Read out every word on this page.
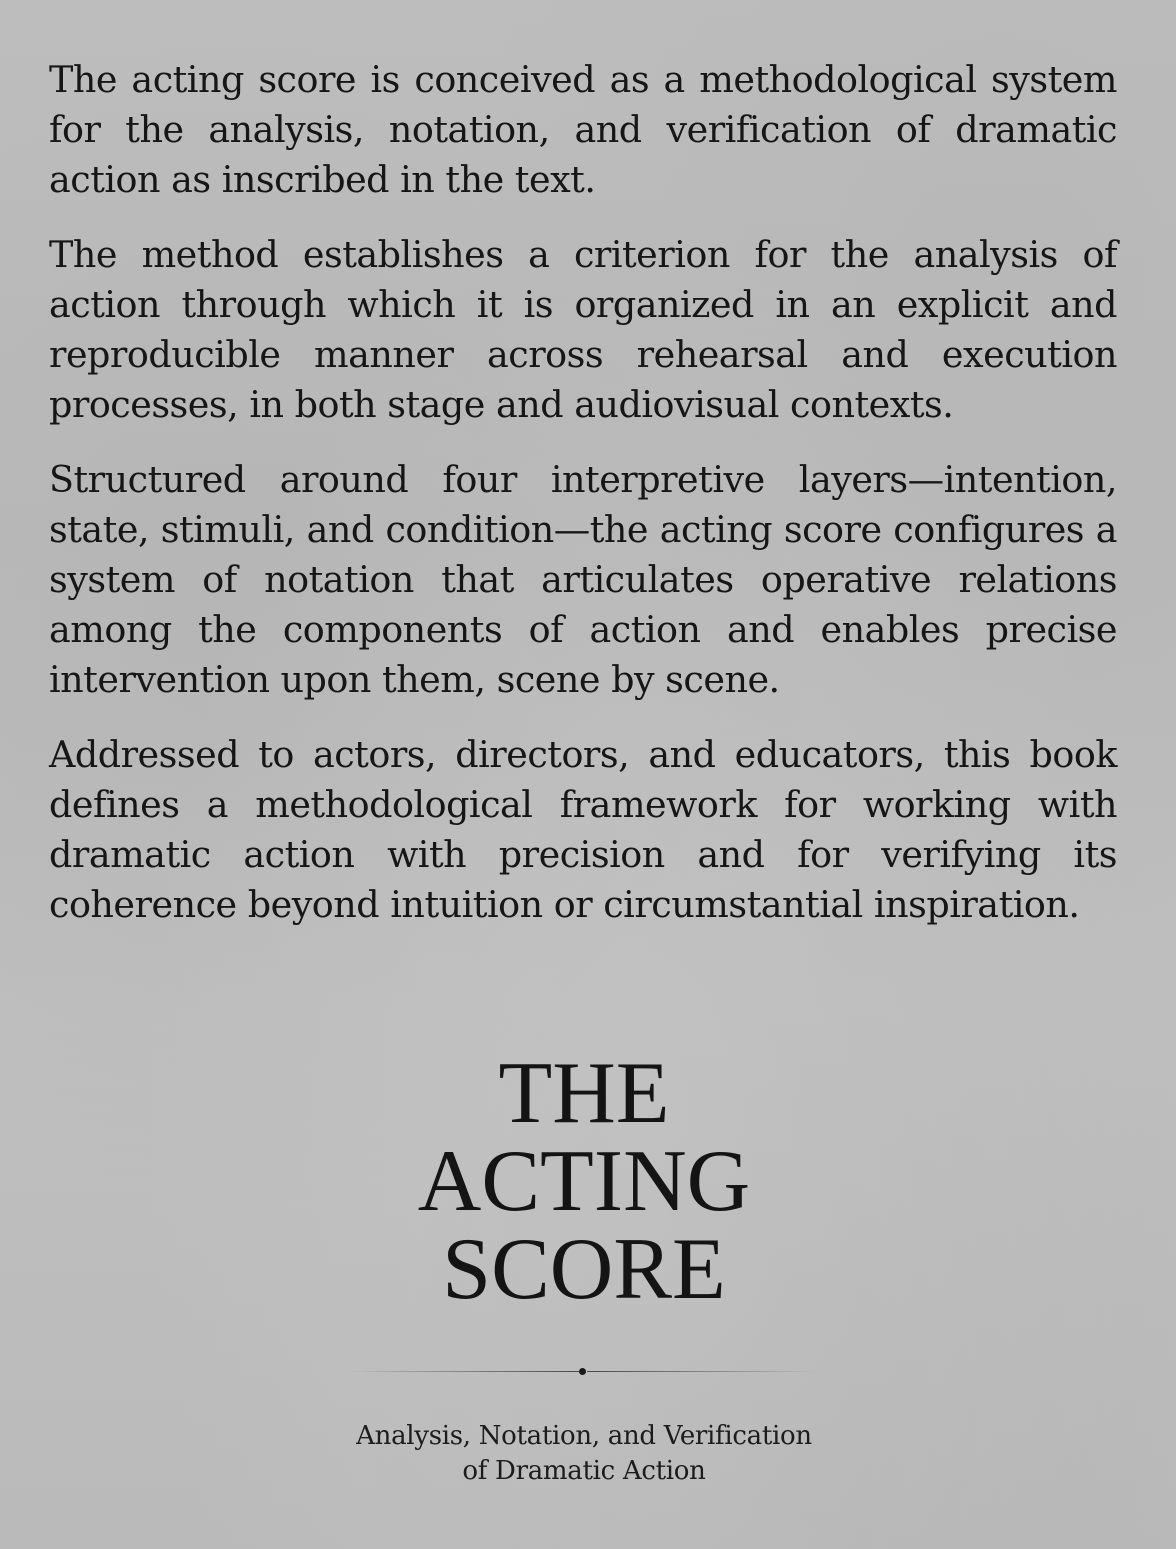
The acting score is conceived as a methodological system for the analysis, notation, and verification of dramatic action as inscribed in the text.

The method establishes a criterion for the analysis of action through which it is organized in an explicit and reproducible manner across rehearsal and execution processes, in both stage and audiovisual contexts.

Structured around four interpretive layers—intention, state, stimuli, and condition—the acting score configures a system of notation that articulates operative relations among the components of action and enables precise intervention upon them, scene by scene.

Addressed to actors, directors, and educators, this book defines a methodological framework for working with dramatic action with precision and for verifying its coherence beyond intuition or circumstantial inspiration.

THE
ACTING
SCORE
Analysis, Notation, and Verification
of Dramatic Action
